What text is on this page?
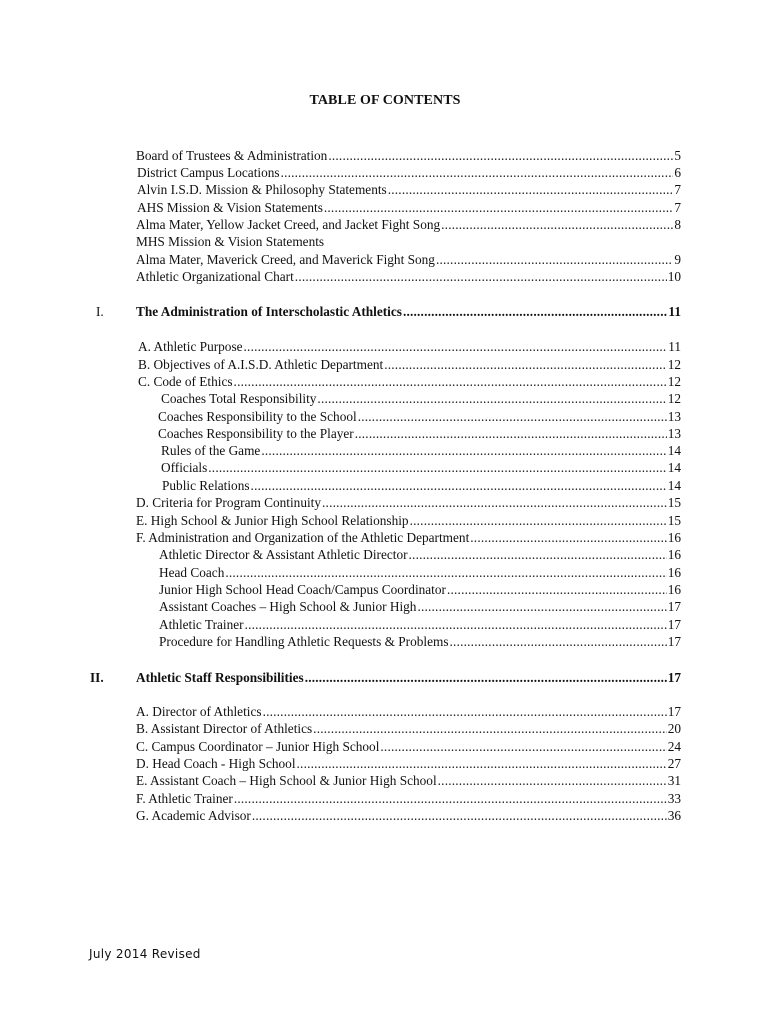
TABLE OF CONTENTS
Board of Trustees & Administration .....	5
District Campus Locations .....	6
Alvin I.S.D. Mission & Philosophy Statements .....	7
AHS Mission & Vision Statements .....	7
Alma Mater, Yellow Jacket Creed, and Jacket Fight Song .....	8
MHS Mission & Vision Statements
Alma Mater, Maverick Creed, and Maverick Fight Song .....	9
Athletic Organizational Chart .....	10
I. The Administration of Interscholastic Athletics .....	11
A. Athletic Purpose .....	11
B. Objectives of A.I.S.D. Athletic Department .....	12
C. Code of Ethics .....	12
Coaches Total Responsibility .....	12
Coaches Responsibility to the School .....	13
Coaches Responsibility to the Player .....	13
Rules of the Game .....	14
Officials .....	14
Public Relations .....	14
D. Criteria for Program Continuity .....	15
E. High School & Junior High School Relationship .....	15
F. Administration and Organization of the Athletic Department .....	16
Athletic Director & Assistant Athletic Director .....	16
Head Coach .....	16
Junior High School Head Coach/Campus Coordinator .....	16
Assistant Coaches – High School & Junior High .....	17
Athletic Trainer .....	17
Procedure for Handling Athletic Requests & Problems .....	17
II. Athletic Staff Responsibilities .....	17
A. Director of Athletics .....	17
B. Assistant Director of Athletics .....	20
C. Campus Coordinator – Junior High School .....	24
D. Head Coach - High School .....	27
E. Assistant Coach – High School & Junior High School .....	31
F. Athletic Trainer .....	33
G. Academic Advisor .....	36
July 2014 Revised
